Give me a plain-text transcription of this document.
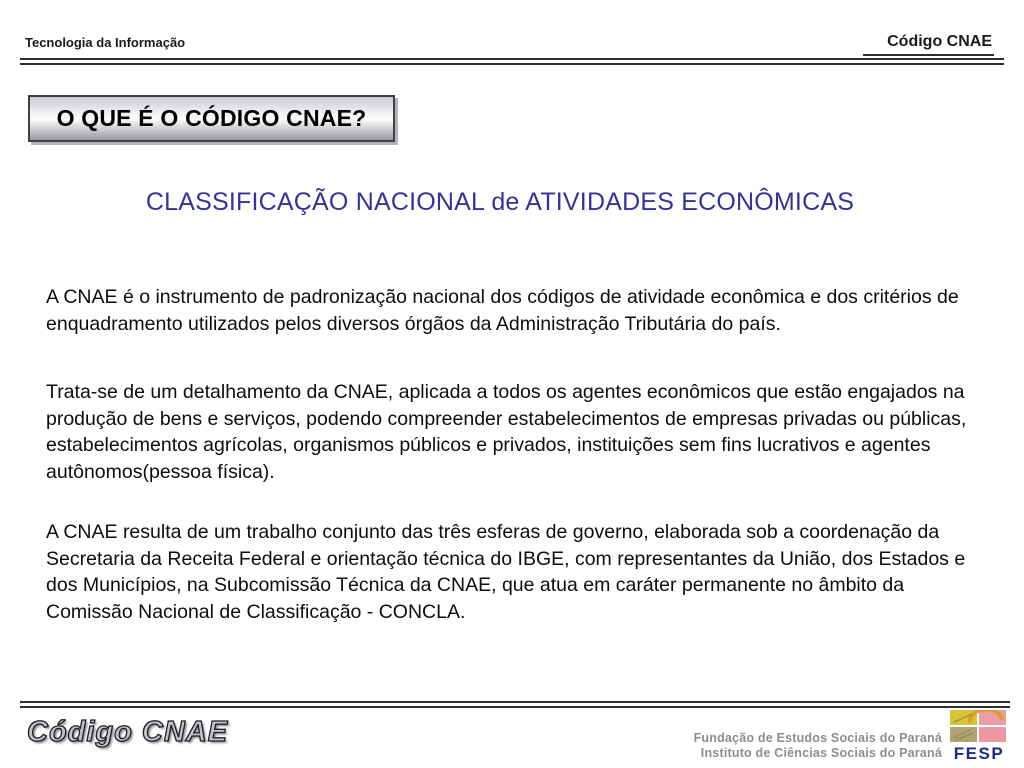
Tecnologia da Informação	Código CNAE
O QUE É O CÓDIGO CNAE?
CLASSIFICAÇÃO NACIONAL de ATIVIDADES ECONÔMICAS
A CNAE é o instrumento de padronização nacional dos códigos de atividade econômica e dos critérios de enquadramento utilizados pelos diversos órgãos da Administração Tributária do país.
Trata-se de um detalhamento da CNAE, aplicada a todos os agentes econômicos que estão engajados na produção de bens e serviços, podendo compreender estabelecimentos de empresas privadas ou públicas, estabelecimentos agrícolas, organismos públicos e privados, instituições sem fins lucrativos e agentes autônomos(pessoa física).
A CNAE resulta de um trabalho conjunto das três esferas de governo, elaborada sob a coordenação da Secretaria da Receita Federal e orientação técnica do IBGE, com representantes da União, dos Estados e dos Municípios, na Subcomissão Técnica da CNAE, que atua em caráter permanente no âmbito da Comissão Nacional de Classificação - CONCLA.
Código CNAE	Fundação de Estudos Sociais do Paraná
Instituto de Ciências Sociais do Paraná FESP
